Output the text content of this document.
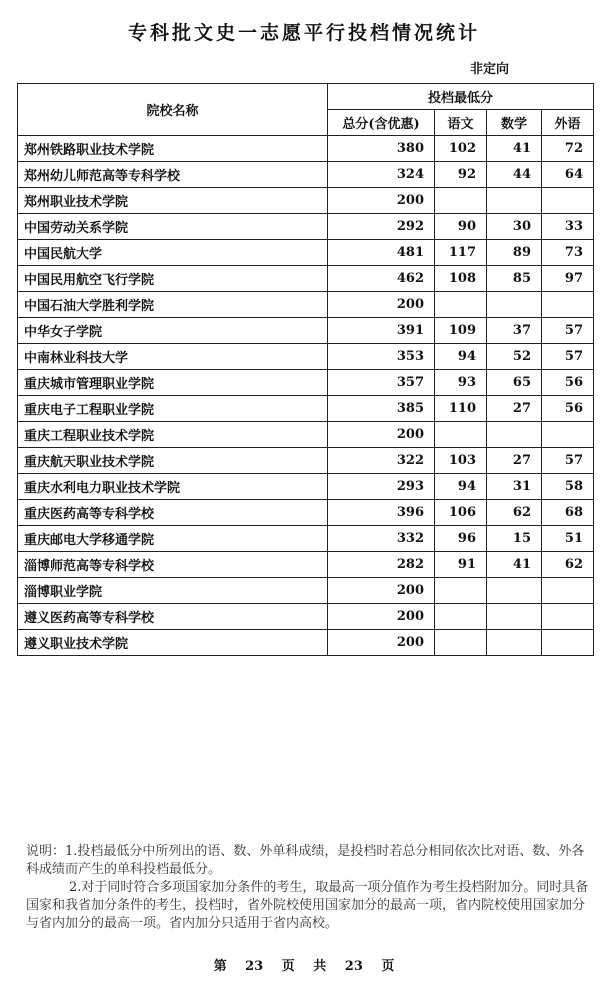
专科批文史一志愿平行投档情况统计
非定向
院校名称	投档最低分			
	总分(含优惠)	语文	数学	外语
郑州铁路职业技术学院	380	102	41	72
郑州幼儿师范高等专科学校	324	92	44	64
郑州职业技术学院	200			
中国劳动关系学院	292	90	30	33
中国民航大学	481	117	89	73
中国民用航空飞行学院	462	108	85	97
中国石油大学胜利学院	200			
中华女子学院	391	109	37	57
中南林业科技大学	353	94	52	57
重庆城市管理职业学院	357	93	65	56
重庆电子工程职业学院	385	110	27	56
重庆工程职业技术学院	200			
重庆航天职业技术学院	322	103	27	57
重庆水利电力职业技术学院	293	94	31	58
重庆医药高等专科学校	396	106	62	68
重庆邮电大学移通学院	332	96	15	51
淄博师范高等专科学校	282	91	41	62
淄博职业学院	200			
遵义医药高等专科学校	200			
遵义职业技术学院	200			

说明：1.投档最低分中所列出的语、数、外单科成绩，是投档时若总分相同依次比对语、数、外各科成绩而产生的单科投档最低分。

2.对于同时符合多项国家加分条件的考生，取最高一项分值作为考生投档附加分。同时具备国家和我省加分条件的考生，投档时，省外院校使用国家加分的最高一项，省内院校使用国家加分与省内加分的最高一项。省内加分只适用于省内高校。

第 23 页 共 23 页
